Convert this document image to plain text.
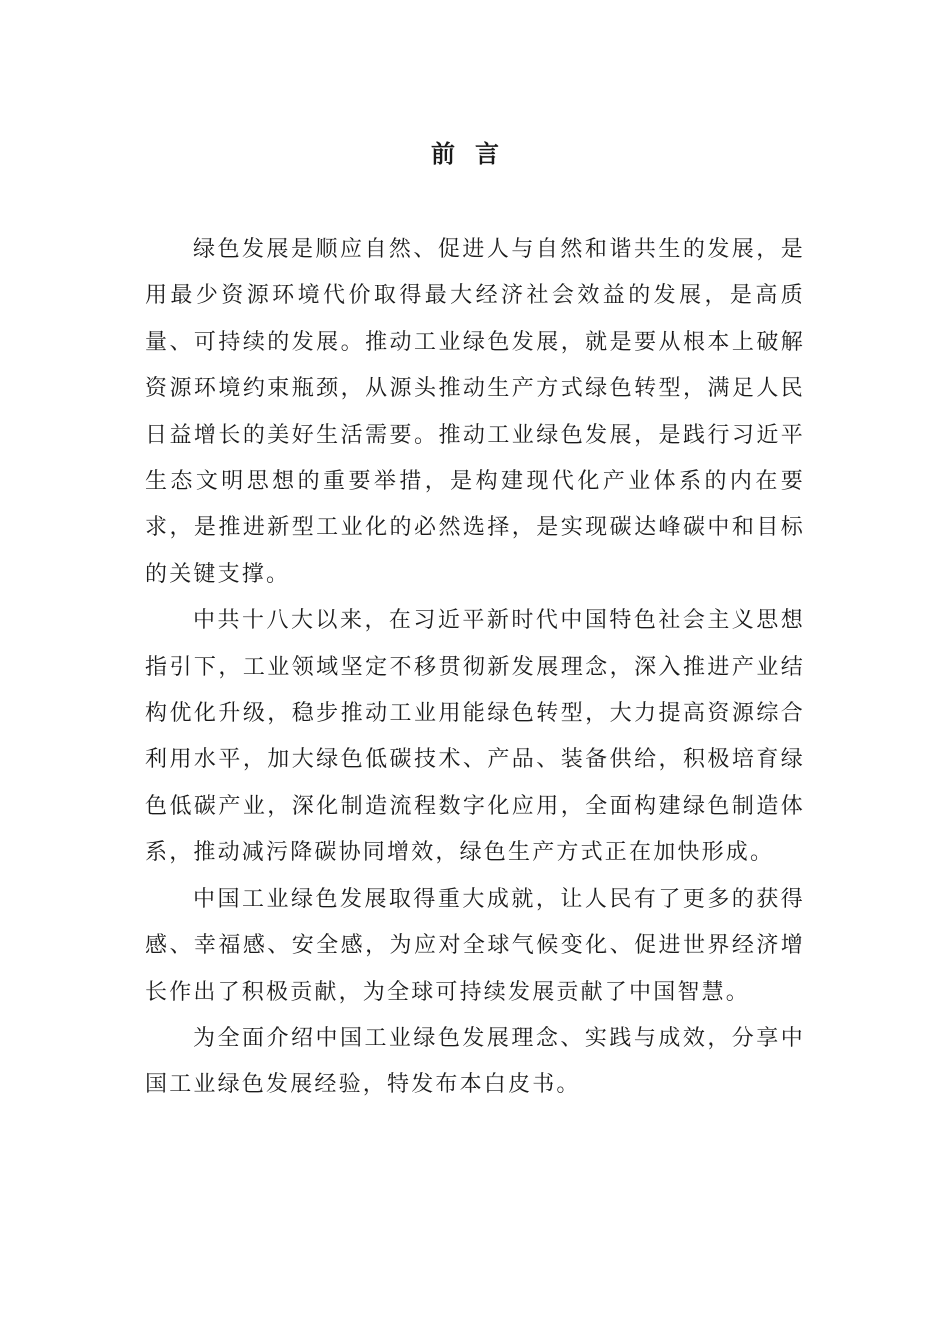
前言

绿色发展是顺应自然、促进人与自然和谐共生的发展，是用最少资源环境代价取得最大经济社会效益的发展，是高质量、可持续的发展。推动工业绿色发展，就是要从根本上破解资源环境约束瓶颈，从源头推动生产方式绿色转型，满足人民日益增长的美好生活需要。推动工业绿色发展，是践行习近平生态文明思想的重要举措，是构建现代化产业体系的内在要求，是推进新型工业化的必然选择，是实现碳达峰碳中和目标的关键支撑。

中共十八大以来，在习近平新时代中国特色社会主义思想指引下，工业领域坚定不移贯彻新发展理念，深入推进产业结构优化升级，稳步推动工业用能绿色转型，大力提高资源综合利用水平，加大绿色低碳技术、产品、装备供给，积极培育绿色低碳产业，深化制造流程数字化应用，全面构建绿色制造体系，推动减污降碳协同增效，绿色生产方式正在加快形成。

中国工业绿色发展取得重大成就，让人民有了更多的获得感、幸福感、安全感，为应对全球气候变化、促进世界经济增长作出了积极贡献，为全球可持续发展贡献了中国智慧。

为全面介绍中国工业绿色发展理念、实践与成效，分享中国工业绿色发展经验，特发布本白皮书。
